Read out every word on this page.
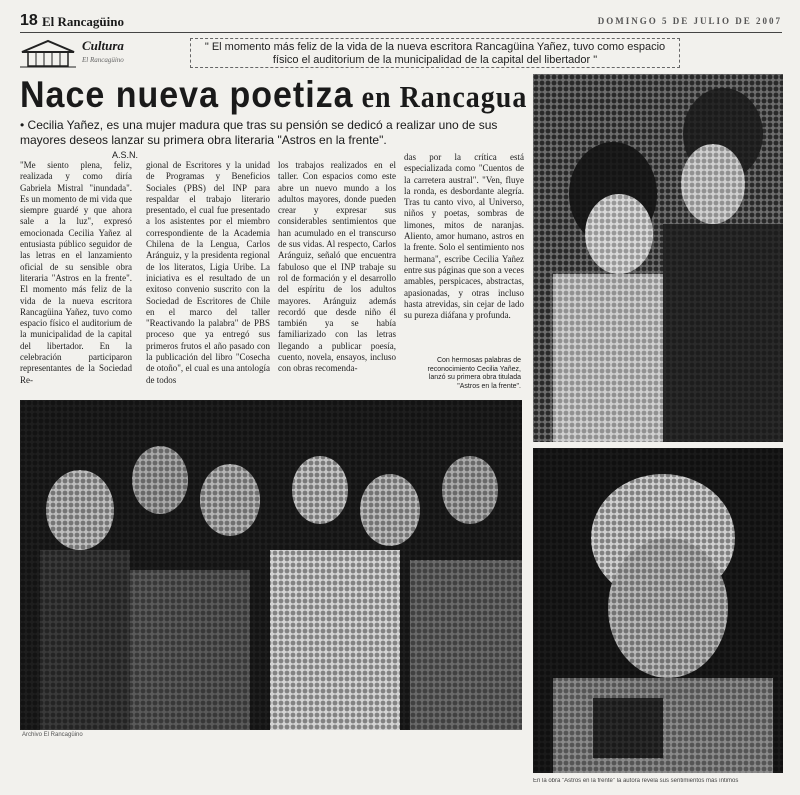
18 El Rancagüino	DOMINGO 5 DE JULIO DE 2007
Cultura
El Rancagüino
" El momento más feliz de la vida de la nueva escritora Rancagüina Yañez, tuvo como espacio físico el auditorium de la municipalidad de la capital del libertador "
Nace nueva poetiza en Rancagua
• Cecilia Yañez, es una mujer madura que tras su pensión se dedicó a realizar uno de sus mayores deseos lanzar su primera obra literaria "Astros en la frente".
A.S.N.

"Me siento plena, feliz, realizada y como diría Gabriela Mistral "inundada". Es un momento de mi vida que siempre guardé y que ahora sale a la luz", expresó emocionada Cecilia Yañez al entusiasta público seguidor de las letras en el lanzamiento oficial de su sensible obra literaria "Astros en la frente". El momento más feliz de la vida de la nueva escritora Rancagüina Yañez, tuvo como espacio físico el auditorium de la municipalidad de la capital del libertador. En la celebración participaron representantes de la Sociedad Re-

gional de Escritores y la unidad de Programas y Beneficios Sociales (PBS) del INP para respaldar el trabajo literario presentado, el cual fue presentado a los asistentes por el miembro correspondiente de la Academia Chilena de la Lengua, Carlos Aránguiz, y la presidenta regional de los literatos, Ligia Uribe. La iniciativa es el resultado de un exitoso convenio suscrito con la Sociedad de Escritores de Chile en el marco del taller "Reactivando la palabra" de PBS proceso que ya entregó sus primeros frutos el año pasado con la publicación del libro "Cosecha de otoño", el cual es una antología de todos

los trabajos realizados en el taller. Con espacios como este abre un nuevo mundo a los adultos mayores, donde pueden crear y expresar sus considerables sentimientos que han acumulado en el transcurso de sus vidas. Al respecto, Carlos Aránguiz, señaló que encuentra fabuloso que el INP trabaje su rol de formación y el desarrollo del espíritu de los adultos mayores. Aránguiz además recordó que desde niño él también ya se había familiarizado con las letras llegando a publicar poesía, cuento, novela, ensayos, incluso con obras recomenda-

das por la crítica está especializada como "Cuentos de la carretera austral". "Ven, fluye la ronda, es desbordante alegría. Tras tu canto vivo, al Universo, niños y poetas, sombras de limones, mitos de naranjas. Aliento, amor humano, astros en la frente. Solo el sentimiento nos hermana", escribe Cecilia Yañez entre sus páginas que son a veces amables, perspicaces, abstractas, apasionadas, y otras incluso hasta atrevidas, sin cejar de lado su pureza diáfana y profunda.

Con hermosas palabras de reconocimiento Cecilia Yañez, lanzó su primera obra titulada "Astros en la frente".
Archivo El Rancagüino
En la obra "Astros en la frente" la autora revela sus sentimientos más íntimos
